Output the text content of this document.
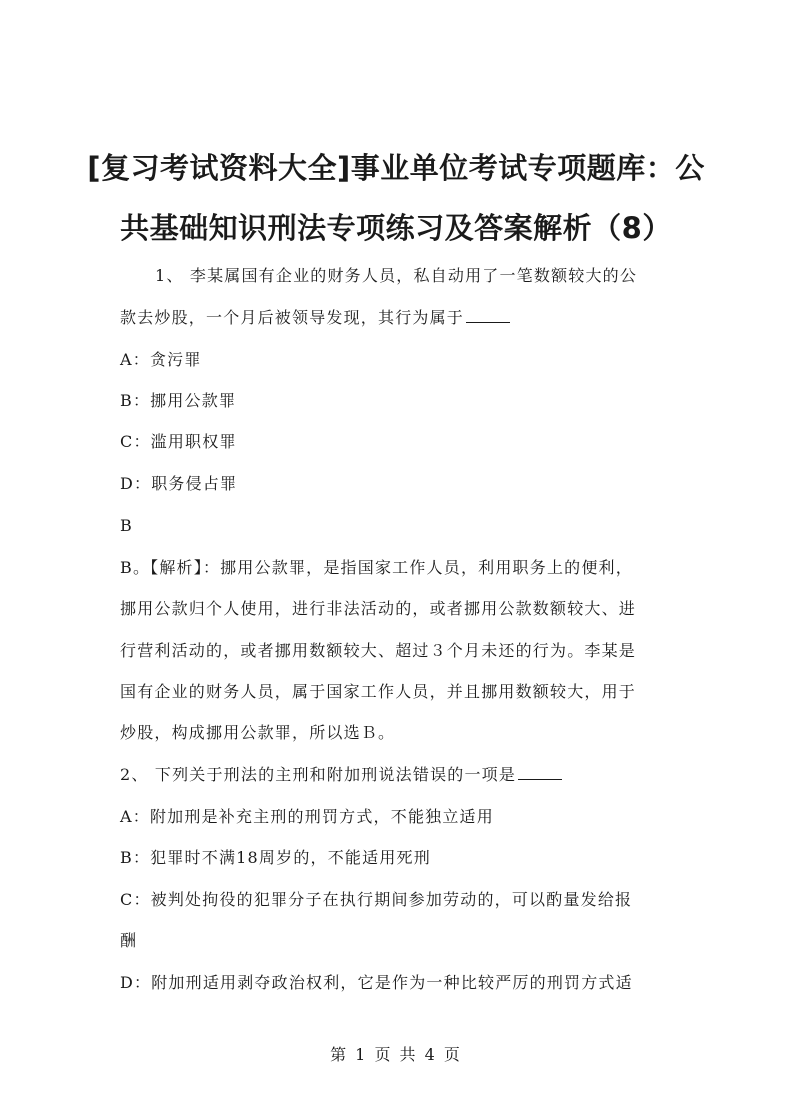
[复习考试资料大全]事业单位考试专项题库：公
共基础知识刑法专项练习及答案解析（8）

1、 李某属国有企业的财务人员，私自动用了一笔数额较大的公

款去炒股，一个月后被领导发现，其行为属于

A：贪污罪

B：挪用公款罪

C：滥用职权罪

D：职务侵占罪

B

B。【解析】：挪用公款罪，是指国家工作人员，利用职务上的便利，

挪用公款归个人使用，进行非法活动的，或者挪用公款数额较大、进

行营利活动的，或者挪用数额较大、超过３个月未还的行为。李某是

国有企业的财务人员，属于国家工作人员，并且挪用数额较大，用于

炒股，构成挪用公款罪，所以选Ｂ。

2、 下列关于刑法的主刑和附加刑说法错误的一项是

A：附加刑是补充主刑的刑罚方式，不能独立适用

B：犯罪时不满18周岁的，不能适用死刑

C：被判处拘役的犯罪分子在执行期间参加劳动的，可以酌量发给报

酬

D：附加刑适用剥夺政治权利，它是作为一种比较严厉的刑罚方式适

第 1 页 共 4 页
